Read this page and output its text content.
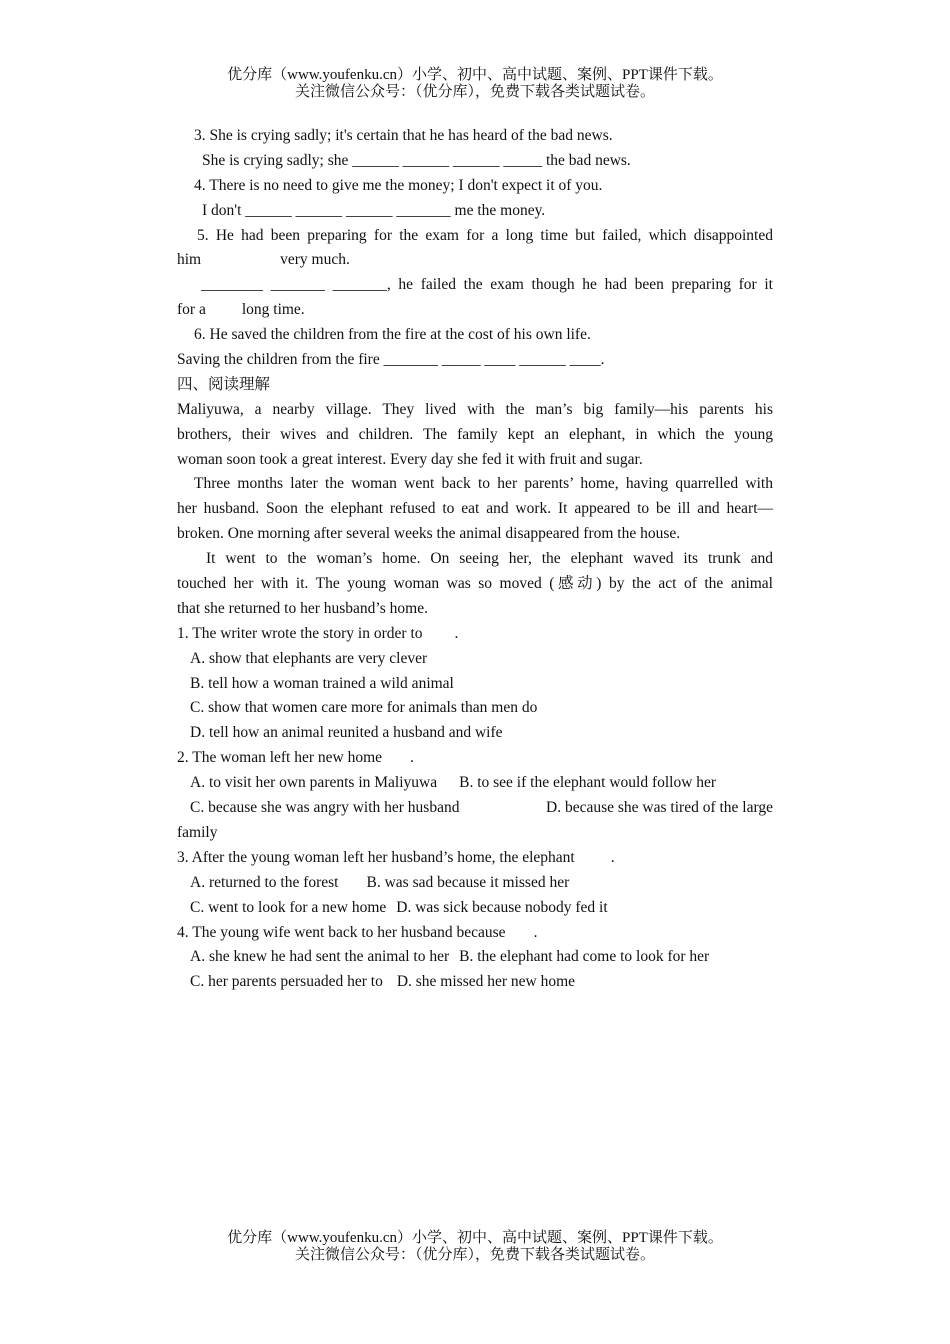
优分库（www.youfenku.cn）小学、初中、高中试题、案例、PPT课件下载。
关注微信公众号：（优分库），免费下载各类试题试卷。
3. She is crying sadly; it's certain that he has heard of the bad news.
She is crying sadly; she ______ ______ ______ _____ the bad news.
4. There is no need to give me the money; I don't expect it of you.
I don't ______ ______ ______ _______ me the money.
5. He had been preparing for the exam for a long time but failed, which disappointed
him	very much.
________ _______ _______, he failed the exam though he had been preparing for it
for a long time.
6. He saved the children from the fire at the cost of his own life.
Saving the children from the fire _______ _____ ____ ______ ____.
四、阅读理解
Maliyuwa, a nearby village. They lived with the man’s big family—his parents his
brothers, their wives and children. The family kept an elephant, in which the young
woman soon took a great interest. Every day she fed it with fruit and sugar.
Three months later the woman went back to her parents’ home, having quarrelled with
her husband. Soon the elephant refused to eat and work. It appeared to be ill and heart—
broken. One morning after several weeks the animal disappeared from the house.
It went to the woman’s home. On seeing her, the elephant waved its trunk and
touched her with it. The young woman was so moved (感动) by the act of the animal
that she returned to her husband’s home.
1. The writer wrote the story in order to .
A. show that elephants are very clever
B. tell how a woman trained a wild animal
C. show that women care more for animals than men do
D. tell how an animal reunited a husband and wife
2. The woman left her new home .
A. to visit her own parents in Maliyuwa B. to see if the elephant would follow her
C. because she was angry with her husband	D. because she was tired of the large
family
3. After the young woman left her husband’s home, the elephant .
A. returned to the forest B. was sad because it missed her
C. went to look for a new home D. was sick because nobody fed it
4. The young wife went back to her husband because .
A. she knew he had sent the animal to her B. the elephant had come to look for her
C. her parents persuaded her to D. she missed her new home
优分库（www.youfenku.cn）小学、初中、高中试题、案例、PPT课件下载。
关注微信公众号：（优分库），免费下载各类试题试卷。
